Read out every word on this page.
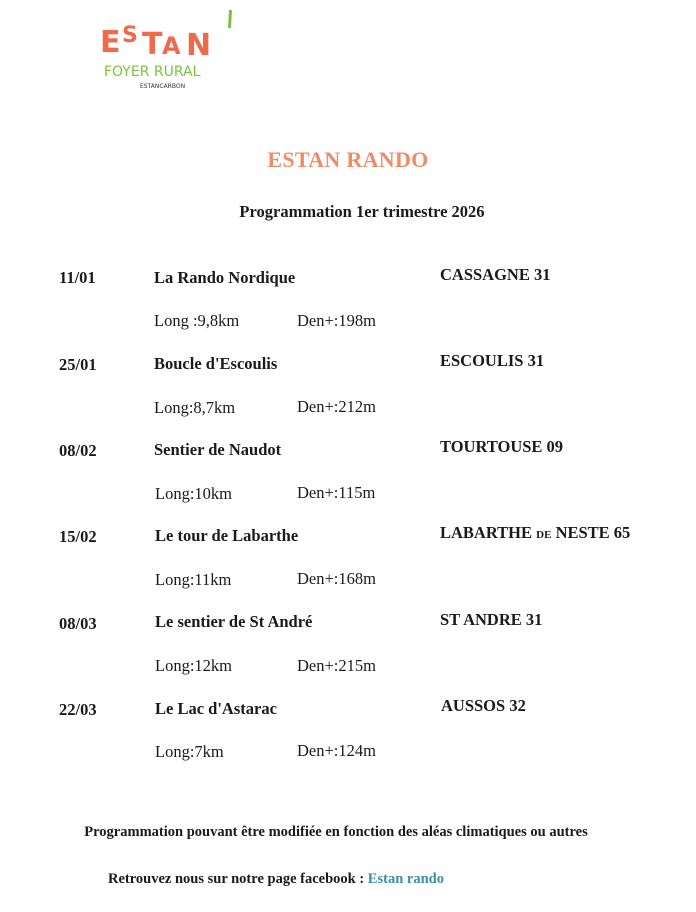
E S T A N
FOYER RURAL
ESTANCARBON
ESTAN RANDO
Programmation 1er trimestre 2026
11/01	La Rando Nordique	CASSAGNE 31
Long :9,8km	Den+:198m
25/01	Boucle d'Escoulis	ESCOULIS 31
Long:8,7km	Den+:212m
08/02	Sentier de Naudot	TOURTOUSE 09
Long:10km	Den+:115m
15/02	Le tour de Labarthe	LABARTHE DE NESTE 65
Long:11km	Den+:168m
08/03	Le sentier de St André	ST ANDRE 31
Long:12km	Den+:215m
22/03	Le Lac d'Astarac	AUSSOS 32
Long:7km	Den+:124m
Programmation pouvant être modifiée en fonction des aléas climatiques ou autres
Retrouvez nous sur notre page facebook : Estan rando
